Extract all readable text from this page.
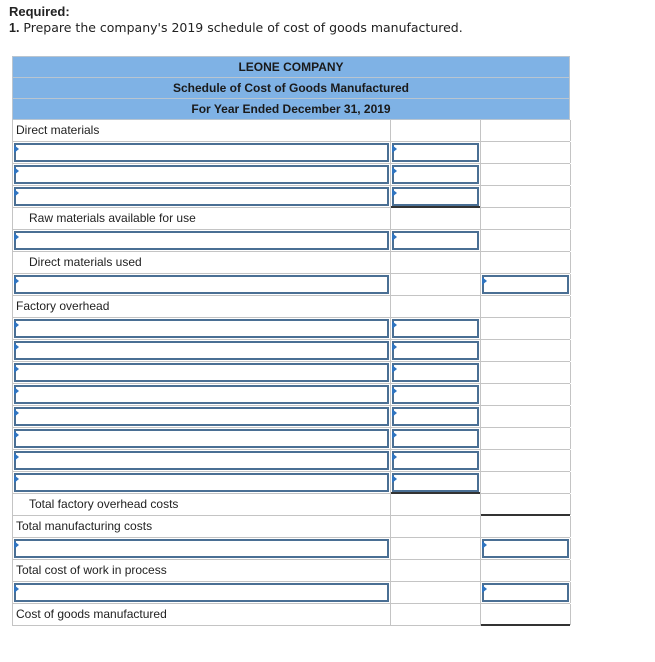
Required:
1. Prepare the company's 2019 schedule of cost of goods manufactured.
LEONE COMPANY
Schedule of Cost of Goods Manufactured
For Year Ended December 31, 2019
Direct materials
Raw materials available for use
Direct materials used
Factory overhead
Total factory overhead costs
Total manufacturing costs
Total cost of work in process
Cost of goods manufactured
